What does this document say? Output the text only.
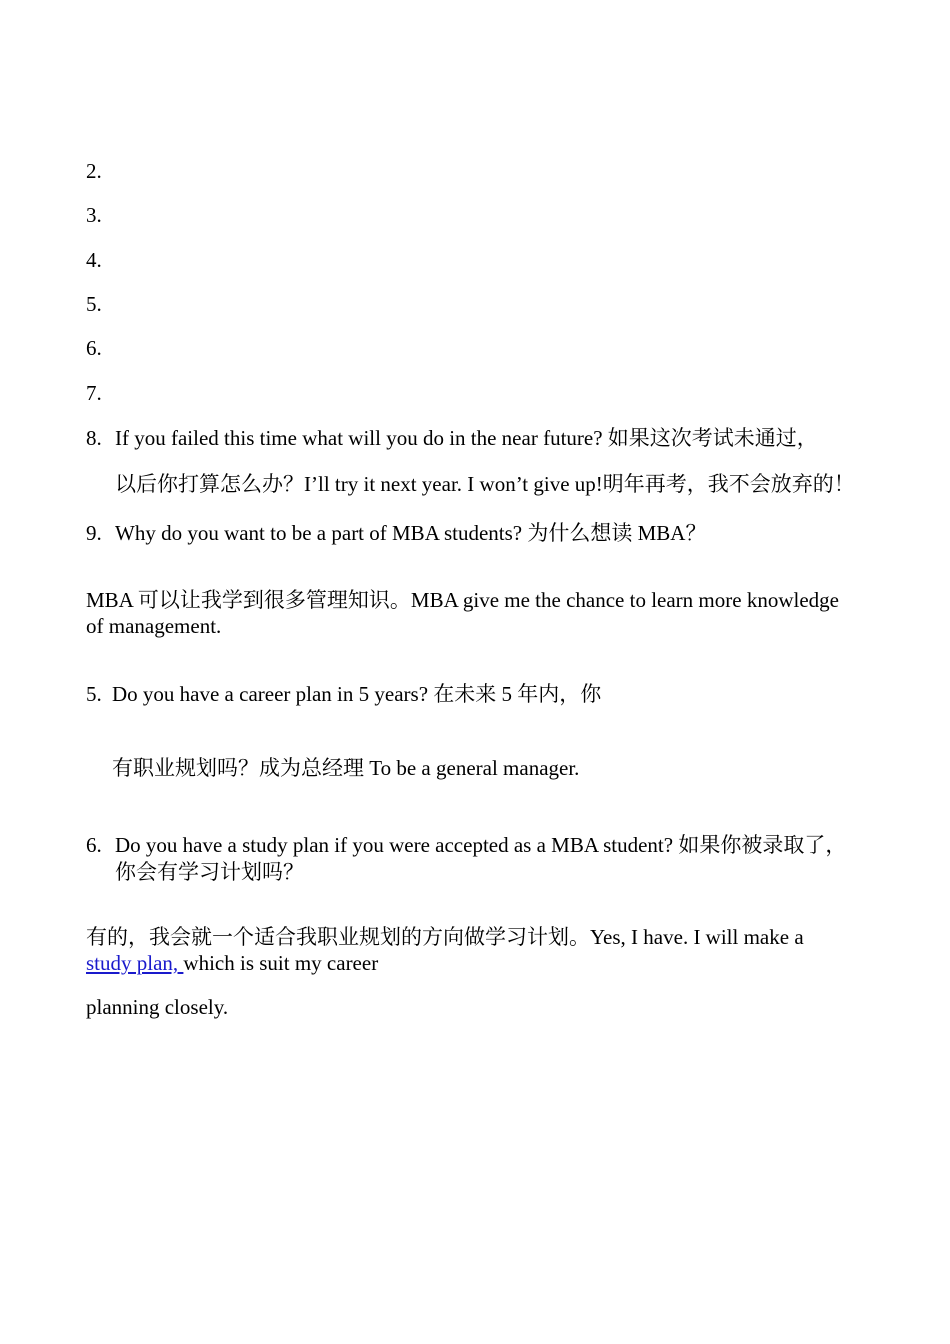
2.
3.
4.
5.
6.
7.
8. If you failed this time what will you do in the near future? 如果这次考试未通过，
以后你打算怎么办？I’ll try it next year. I won’t give up!明年再考，我不会放弃的！
9. Why do you want to be a part of MBA students? 为什么想读 MBA？
MBA 可以让我学到很多管理知识。MBA give me the chance to learn more knowledge
of management.
5. Do you have a career plan in 5 years? 在未来 5 年内，你
有职业规划吗？成为总经理 To be a general manager.
6. Do you have a study plan if you were accepted as a MBA student? 如果你被录取了，
你会有学习计划吗？
有的，我会就一个适合我职业规划的方向做学习计划。Yes, I have. I will make a
study plan, which is suit my career
planning closely.
